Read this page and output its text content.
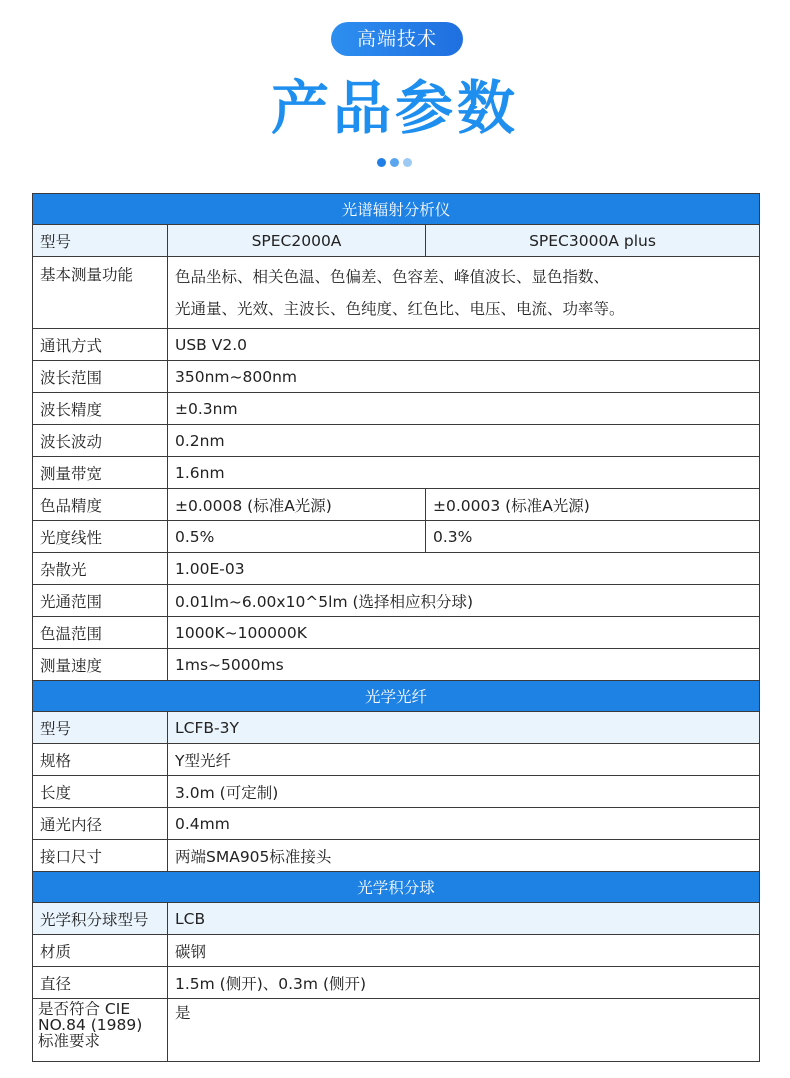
高端技术
产品参数
光谱辐射分析仪		
型号	SPEC2000A	SPEC3000A plus
基本测量功能	色品坐标、相关色温、色偏差、色容差、峰值波长、显色指数、
光通量、光效、主波长、色纯度、红色比、电压、电流、功率等。	

通讯方式	USB V2.0	
波长范围	350nm~800nm	
波长精度	±0.3nm	
波长波动	0.2nm	
测量带宽	1.6nm	
色品精度	±0.0008 (标准A光源)	±0.0003 (标准A光源)
光度线性	0.5%	0.3%
杂散光	1.00E-03	
光通范围	0.01lm~6.00x10^5lm (选择相应积分球)	
色温范围	1000K~100000K	
测量速度	1ms~5000ms	
光学光纤		
型号	LCFB-3Y	
规格	Y型光纤	
长度	3.0m (可定制)	
通光内径	0.4mm	
接口尺寸	两端SMA905标准接头	
光学积分球		
光学积分球型号	LCB	
材质	碳钢	
直径	1.5m (侧开)、0.3m (侧开)	

是否符合 CIE
NO.84 (1989)
标准要求	是	
